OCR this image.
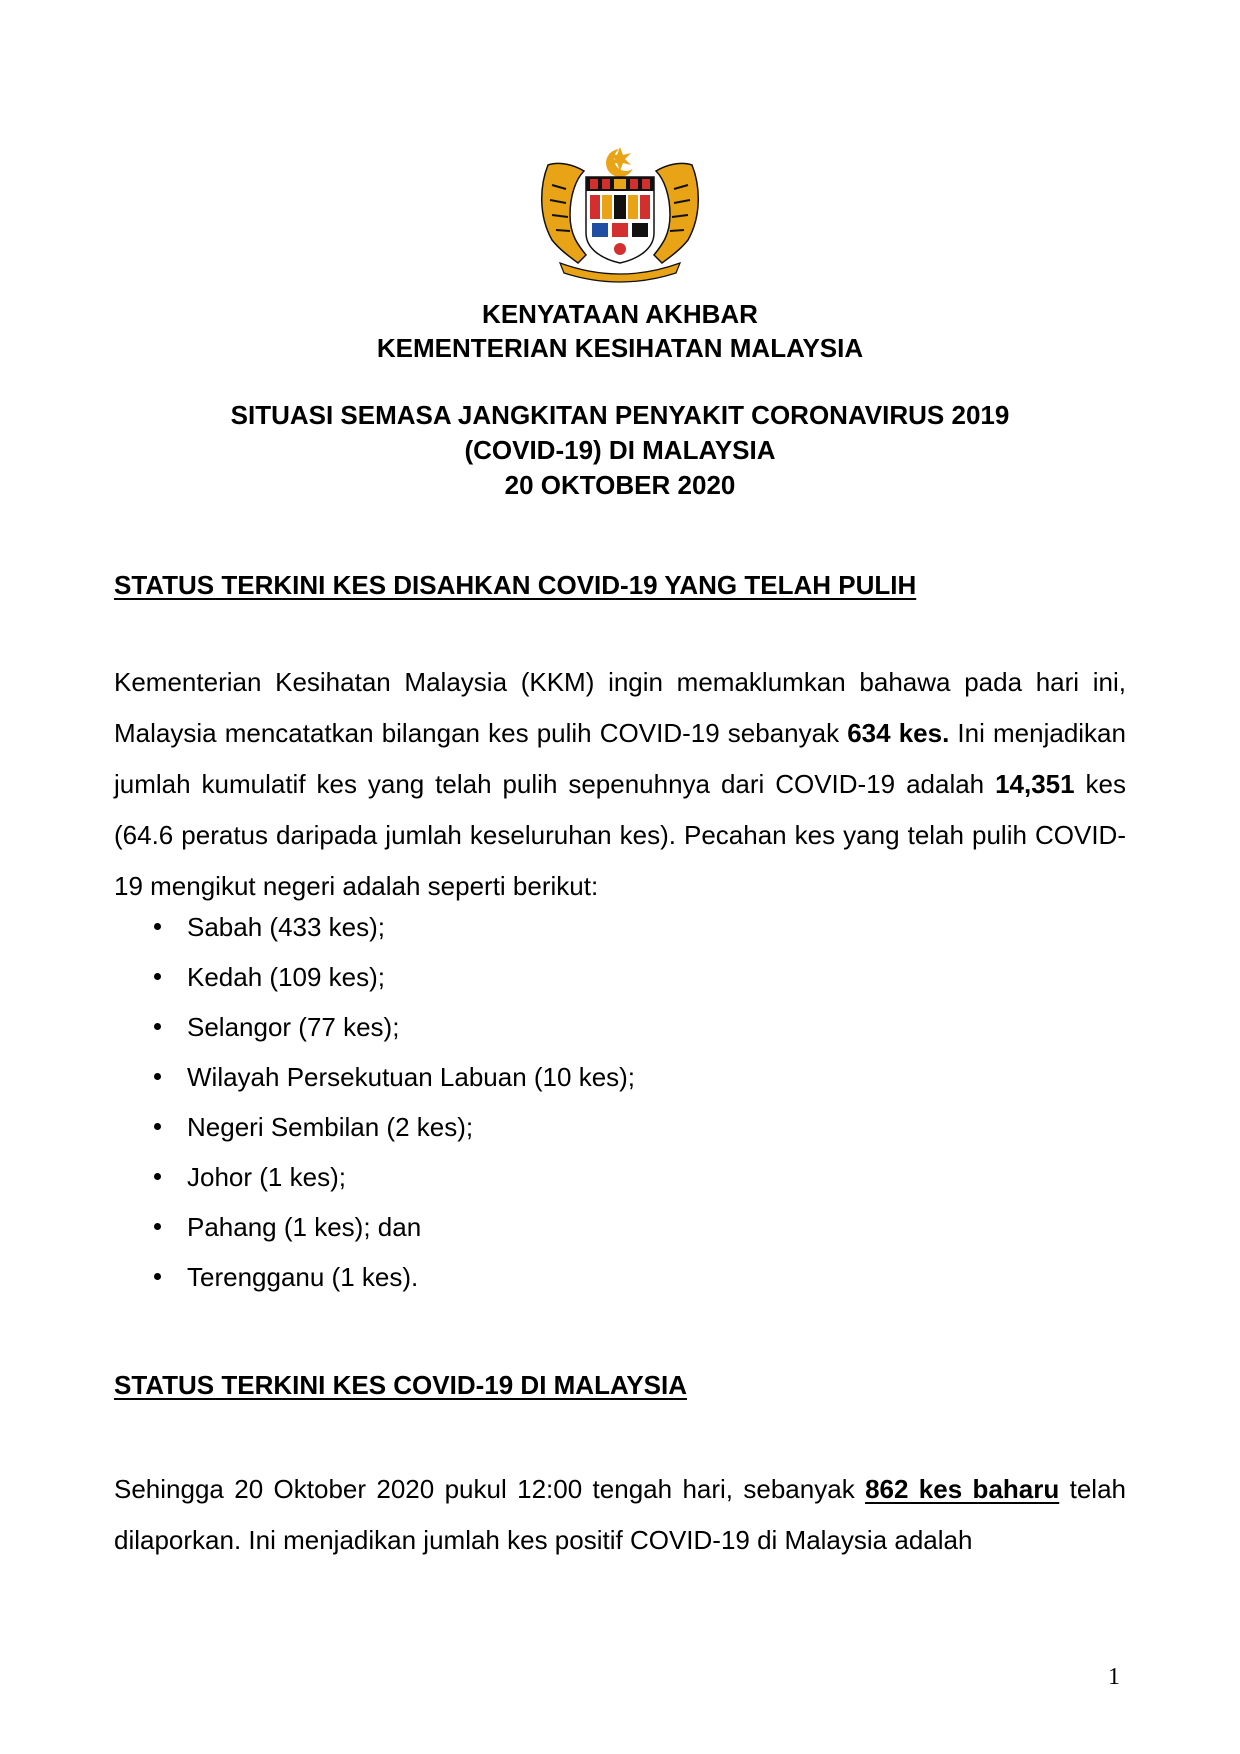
KENYATAAN AKHBAR
KEMENTERIAN KESIHATAN MALAYSIA
SITUASI SEMASA JANGKITAN PENYAKIT CORONAVIRUS 2019
(COVID-19) DI MALAYSIA
20 OKTOBER 2020
STATUS TERKINI KES DISAHKAN COVID-19 YANG TELAH PULIH
Kementerian Kesihatan Malaysia (KKM) ingin memaklumkan bahawa pada hari ini, Malaysia mencatatkan bilangan kes pulih COVID-19 sebanyak 634 kes. Ini menjadikan jumlah kumulatif kes yang telah pulih sepenuhnya dari COVID-19 adalah 14,351 kes (64.6 peratus daripada jumlah keseluruhan kes). Pecahan kes yang telah pulih COVID-19 mengikut negeri adalah seperti berikut:
Sabah (433 kes);
Kedah (109 kes);
Selangor (77 kes);
Wilayah Persekutuan Labuan (10 kes);
Negeri Sembilan (2 kes);
Johor (1 kes);
Pahang (1 kes); dan
Terengganu (1 kes).
STATUS TERKINI KES COVID-19 DI MALAYSIA
Sehingga 20 Oktober 2020 pukul 12:00 tengah hari, sebanyak 862 kes baharu telah dilaporkan. Ini menjadikan jumlah kes positif COVID-19 di Malaysia adalah
1
